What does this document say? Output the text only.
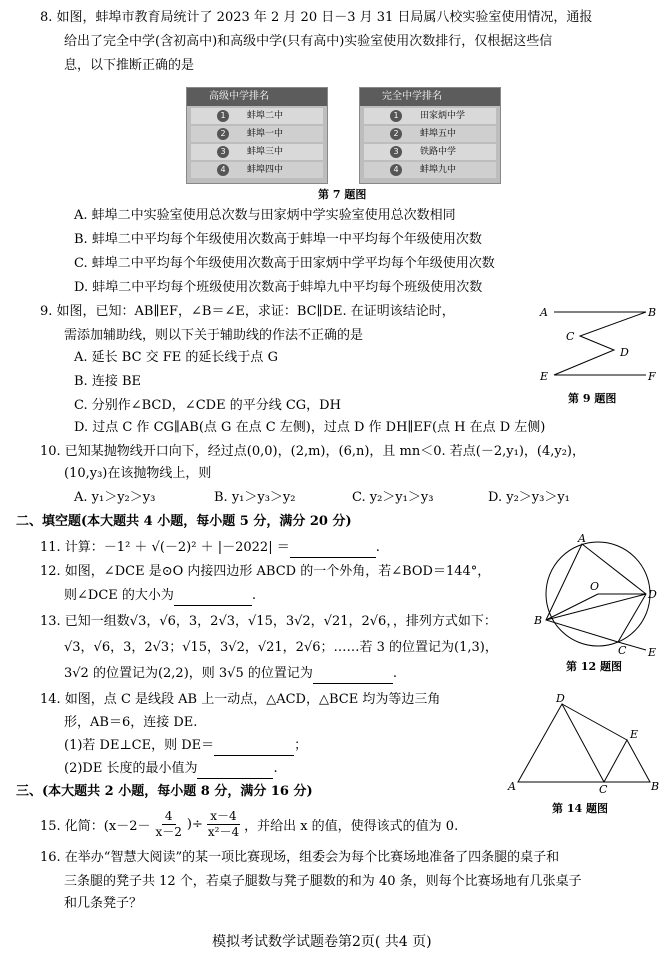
8. 如图，蚌埠市教育局统计了 2023 年 2 月 20 日－3 月 31 日局属八校实验室使用情况，通报
给出了完全中学(含初高中)和高级中学(只有高中)实验室使用次数排行，仅根据这些信
息，以下推断正确的是
高级中学排名
1	蚌埠二中
2	蚌埠一中
3	蚌埠三中
4	蚌埠四中
完全中学排名
1	田家炳中学
2	蚌埠五中
3	铁路中学
4	蚌埠九中
第 7 题图
A. 蚌埠二中实验室使用总次数与田家炳中学实验室使用总次数相同
B. 蚌埠二中平均每个年级使用次数高于蚌埠一中平均每个年级使用次数
C. 蚌埠二中平均每个年级使用次数高于田家炳中学平均每个年级使用次数
D. 蚌埠二中平均每个班级使用次数高于蚌埠九中平均每个班级使用次数
9. 如图，已知：AB∥EF，∠B＝∠E，求证：BC∥DE. 在证明该结论时，
需添加辅助线，则以下关于辅助线的作法不正确的是
A. 延长 BC 交 FE 的延长线于点 G
B. 连接 BE
C. 分别作∠BCD，∠CDE 的平分线 CG，DH
D. 过点 C 作 CG∥AB(点 G 在点 C 左侧)，过点 D 作 DH∥EF(点 H 在点 D 左侧)
A	B
C
D
E	F
第 9 题图
10. 已知某抛物线开口向下，经过点(0,0)，(2,m)，(6,n)，且 mn＜0. 若点(－2,y₁)，(4,y₂)，
(10,y₃)在该抛物线上，则
A. y₁＞y₂＞y₃	B. y₁＞y₃＞y₂	C. y₂＞y₁＞y₃	D. y₂＞y₃＞y₁
二、填空题(本大题共 4 小题，每小题 5 分，满分 20 分)
11. 计算：－1² ＋ √(－2)² ＋ |－2022| ＝	.
12. 如图，∠DCE 是⊙O 内接四边形 ABCD 的一个外角，若∠BOD＝144°，
则∠DCE 的大小为	.
A
B
C
D
E
O
第 12 题图
13. 已知一组数√3，√6，3，2√3，√15，3√2，√21，2√6，，排列方式如下：
√3，√6，3，2√3；√15，3√2，√21，2√6；……若 3 的位置记为(1,3)，
3√2 的位置记为(2,2)，则 3√5 的位置记为	.
14. 如图，点 C 是线段 AB 上一动点，△ACD，△BCE 均为等边三角
形，AB＝6，连接 DE.
(1)若 DE⊥CE，则 DE＝	；
(2)DE 长度的最小值为	.
A	B
C
D
E
第 14 题图
三、(本大题共 2 小题，每小题 8 分，满分 16 分)
15. 化简：($x-2- \frac{4}{x-2}$ )÷ $\frac{x-4}{\text{x²－4}}$ ，并给出 x 的值，使得该式的值为 0.
16. 在举办“智慧大阅读”的某一项比赛现场，组委会为每个比赛场地准备了四条腿的桌子和
三条腿的凳子共 12 个，若桌子腿数与凳子腿数的和为 40 条，则每个比赛场地有几张桌子
和几条凳子？
模拟考试数学试题卷第2页( 共4 页)
